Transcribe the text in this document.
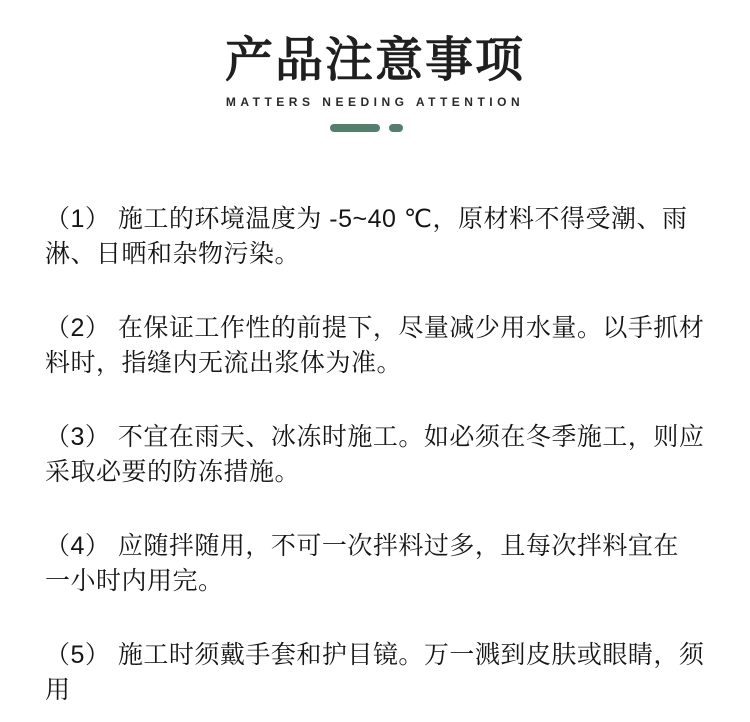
产品注意事项
MATTERS NEEDING ATTENTION

（1） 施工的环境温度为 -5~40 ℃，原材料不得受潮、雨淋、日晒和杂物污染。

（2） 在保证工作性的前提下，尽量减少用水量。以手抓材料时，指缝内无流出浆体为准。

（3） 不宜在雨天、冰冻时施工。如必须在冬季施工，则应采取必要的防冻措施。

（4） 应随拌随用，不可一次拌料过多，且每次拌料宜在 一小时内用完。

（5） 施工时须戴手套和护目镜。万一溅到皮肤或眼睛，须用
